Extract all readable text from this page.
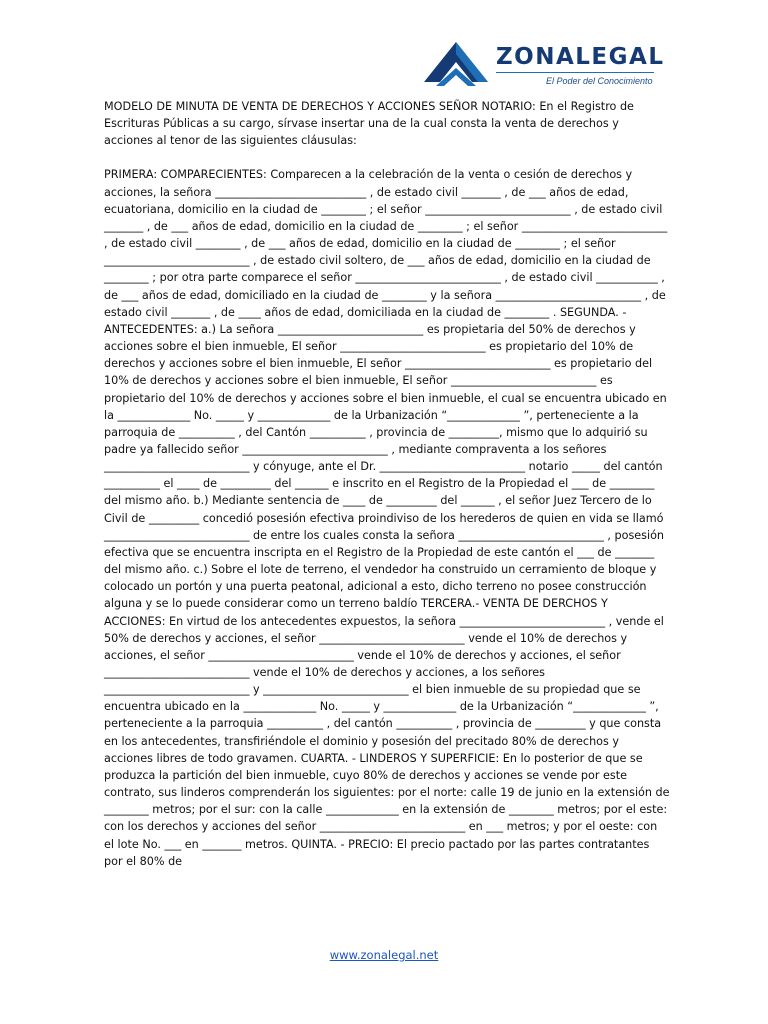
ZONALEGAL
El Poder del Conocimiento

MODELO DE MINUTA DE VENTA DE DERECHOS Y ACCIONES SEÑOR NOTARIO: En el Registro de Escrituras Públicas a su cargo, sírvase insertar una de la cual consta la venta de derechos y acciones al tenor de las siguientes cláusulas:

PRIMERA: COMPARECIENTES: Comparecen a la celebración de la venta o cesión de derechos y acciones, la señora ___________________________ , de estado civil _______ , de ___ años de edad, ecuatoriana, domicilio en la ciudad de ________ ; el señor __________________________ , de estado civil _______ , de ___ años de edad, domicilio en la ciudad de ________ ; el señor __________________________ , de estado civil ________ , de ___ años de edad, domicilio en la ciudad de ________ ; el señor __________________________ , de estado civil soltero, de ___ años de edad, domicilio en la ciudad de ________ ; por otra parte comparece el señor __________________________ , de estado civil ___________ , de ___ años de edad, domiciliado en la ciudad de ________ y la señora __________________________ , de estado civil _______ , de ____ años de edad, domiciliada en la ciudad de ________ . SEGUNDA. - ANTECEDENTES: a.) La señora __________________________ es propietaria del 50% de derechos y acciones sobre el bien inmueble, El señor __________________________ es propietario del 10% de derechos y acciones sobre el bien inmueble, El señor __________________________ es propietario del 10% de derechos y acciones sobre el bien inmueble, El señor __________________________ es propietario del 10% de derechos y acciones sobre el bien inmueble, el cual se encuentra ubicado en la _____________ No. _____ y _____________ de la Urbanización “_____________ ”, perteneciente a la parroquia de __________ , del Cantón __________ , provincia de _________, mismo que lo adquirió su padre ya fallecido señor __________________________ , mediante compraventa a los señores __________________________ y cónyuge, ante el Dr. __________________________ notario _____ del cantón __________ el ____ de _________ del ______ e inscrito en el Registro de la Propiedad el ___ de ________ del mismo año. b.) Mediante sentencia de ____ de _________ del ______ , el señor Juez Tercero de lo Civil de _________ concedió posesión efectiva proindiviso de los herederos de quien en vida se llamó __________________________ de entre los cuales consta la señora __________________________ , posesión efectiva que se encuentra inscripta en el Registro de la Propiedad de este cantón el ___ de _______ del mismo año. c.) Sobre el lote de terreno, el vendedor ha construido un cerramiento de bloque y colocado un portón y una puerta peatonal, adicional a esto, dicho terreno no posee construcción alguna y se lo puede considerar como un terreno baldío TERCERA.- VENTA DE DERCHOS Y ACCIONES: En virtud de los antecedentes expuestos, la señora __________________________ , vende el 50% de derechos y acciones, el señor __________________________ vende el 10% de derechos y acciones, el señor __________________________ vende el 10% de derechos y acciones, el señor __________________________ vende el 10% de derechos y acciones, a los señores __________________________ y __________________________ el bien inmueble de su propiedad que se encuentra ubicado en la _____________ No. _____ y _____________ de la Urbanización “_____________ ”, perteneciente a la parroquia __________ , del cantón __________ , provincia de _________ y que consta en los antecedentes, transfiriéndole el dominio y posesión del precitado 80% de derechos y acciones libres de todo gravamen. CUARTA. - LINDEROS Y SUPERFICIE: En lo posterior de que se produzca la partición del bien inmueble, cuyo 80% de derechos y acciones se vende por este contrato, sus linderos comprenderán los siguientes: por el norte: calle 19 de junio en la extensión de ________ metros; por el sur: con la calle _____________ en la extensión de ________ metros; por el este: con los derechos y acciones del señor __________________________ en ___ metros; y por el oeste: con el lote No. ___ en _______ metros. QUINTA. - PRECIO: El precio pactado por las partes contratantes por el 80% de

www.zonalegal.net
